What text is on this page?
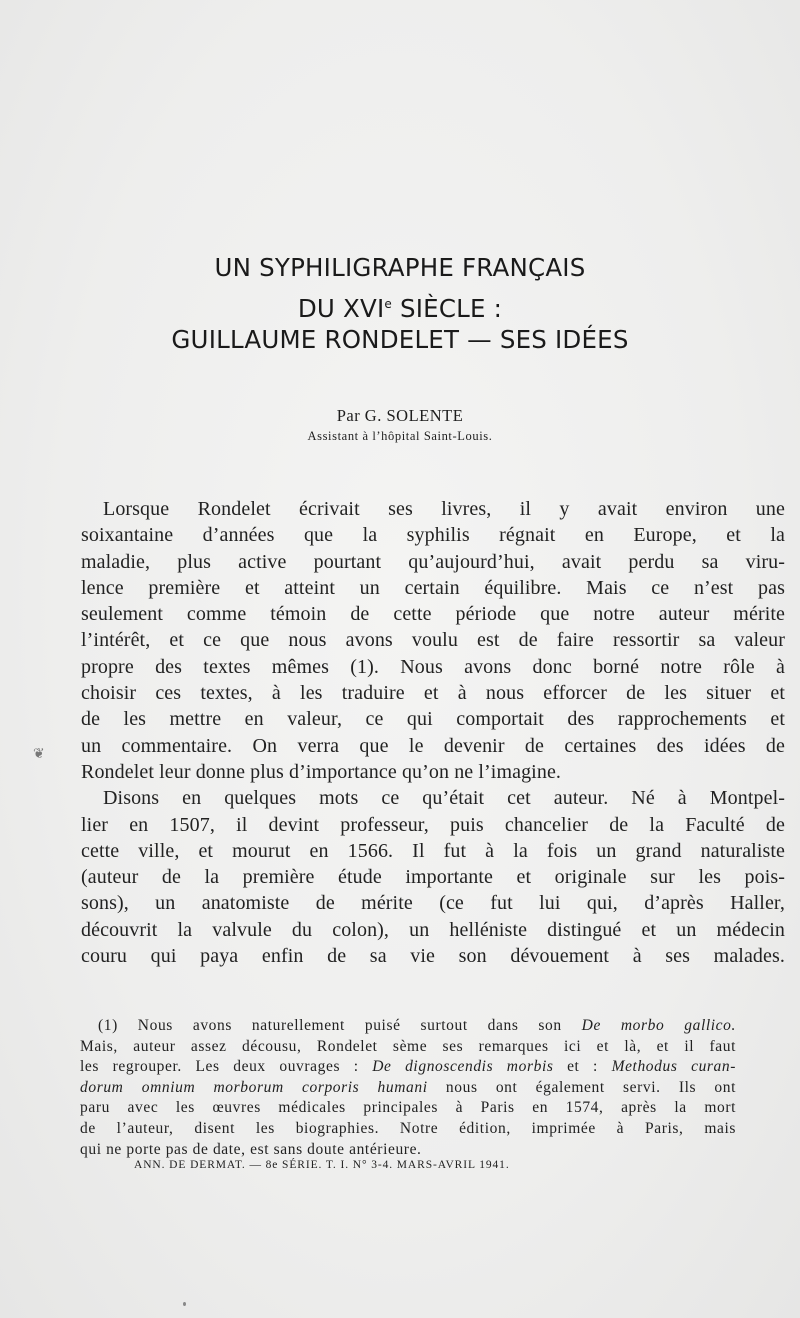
UN SYPHILIGRAPHE FRANÇAIS
DU XVIe SIÈCLE :
GUILLAUME RONDELET — SES IDÉES
Par G. SOLENTE
Assistant à l’hôpital Saint-Louis.
❦
Lorsque Rondelet écrivait ses livres, il y avait environ une
soixantaine d’années que la syphilis régnait en Europe, et la
maladie, plus active pourtant qu’aujourd’hui, avait perdu sa viru-
lence première et atteint un certain équilibre. Mais ce n’est pas
seulement comme témoin de cette période que notre auteur mérite
l’intérêt, et ce que nous avons voulu est de faire ressortir sa valeur
propre des textes mêmes (1). Nous avons donc borné notre rôle à
choisir ces textes, à les traduire et à nous efforcer de les situer et
de les mettre en valeur, ce qui comportait des rapprochements et
un commentaire. On verra que le devenir de certaines des idées de
Rondelet leur donne plus d’importance qu’on ne l’imagine.
Disons en quelques mots ce qu’était cet auteur. Né à Montpel-
lier en 1507, il devint professeur, puis chancelier de la Faculté de
cette ville, et mourut en 1566. Il fut à la fois un grand naturaliste
(auteur de la première étude importante et originale sur les pois-
sons), un anatomiste de mérite (ce fut lui qui, d’après Haller,
découvrit la valvule du colon), un helléniste distingué et un médecin
couru qui paya enfin de sa vie son dévouement à ses malades.
(1) Nous avons naturellement puisé surtout dans son De morbo gallico.
Mais, auteur assez décousu, Rondelet sème ses remarques ici et là, et il faut
les regrouper. Les deux ouvrages : De dignoscendis morbis et : Methodus curan-
dorum omnium morborum corporis humani nous ont également servi. Ils ont
paru avec les œuvres médicales principales à Paris en 1574, après la mort
de l’auteur, disent les biographies. Notre édition, imprimée à Paris, mais
qui ne porte pas de date, est sans doute antérieure.
ANN. DE DERMAT. — 8e SÉRIE. T. I. N° 3-4. MARS-AVRIL 1941.
